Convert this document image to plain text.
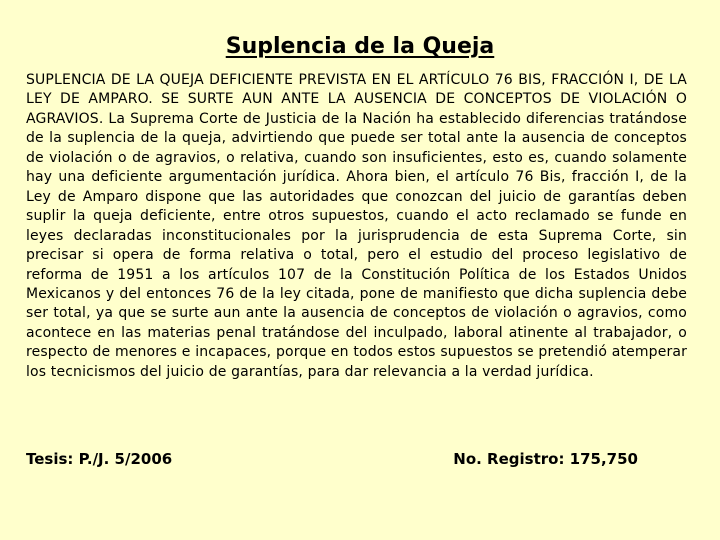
Suplencia de la Queja
SUPLENCIA DE LA QUEJA DEFICIENTE PREVISTA EN EL ARTÍCULO 76 BIS, FRACCIÓN I, DE LA LEY DE AMPARO. SE SURTE AUN ANTE LA AUSENCIA DE CONCEPTOS DE VIOLACIÓN O AGRAVIOS. La Suprema Corte de Justicia de la Nación ha establecido diferencias tratándose de la suplencia de la queja, advirtiendo que puede ser total ante la ausencia de conceptos de violación o de agravios, o relativa, cuando son insuficientes, esto es, cuando solamente hay una deficiente argumentación jurídica. Ahora bien, el artículo 76 Bis, fracción I, de la Ley de Amparo dispone que las autoridades que conozcan del juicio de garantías deben suplir la queja deficiente, entre otros supuestos, cuando el acto reclamado se funde en leyes declaradas inconstitucionales por la jurisprudencia de esta Suprema Corte, sin precisar si opera de forma relativa o total, pero el estudio del proceso legislativo de reforma de 1951 a los artículos 107 de la Constitución Política de los Estados Unidos Mexicanos y del entonces 76 de la ley citada, pone de manifiesto que dicha suplencia debe ser total, ya que se surte aun ante la ausencia de conceptos de violación o agravios, como acontece en las materias penal tratándose del inculpado, laboral atinente al trabajador, o respecto de menores e incapaces, porque en todos estos supuestos se pretendió atemperar los tecnicismos del juicio de garantías, para dar relevancia a la verdad jurídica.
Tesis: P./J. 5/2006	No. Registro: 175,750
